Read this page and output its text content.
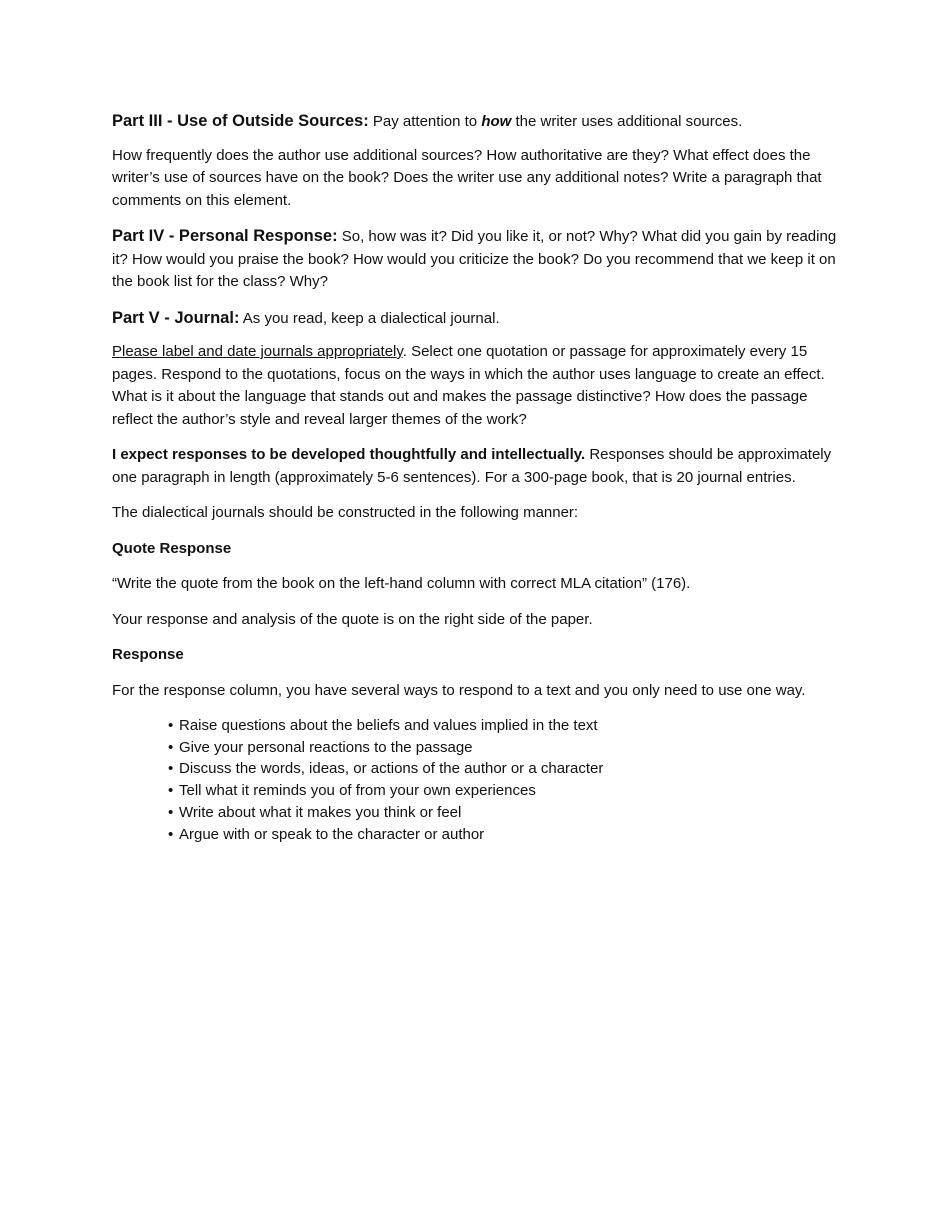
Part III - Use of Outside Sources: Pay attention to how the writer uses additional sources.

How frequently does the author use additional sources? How authoritative are they? What effect does the writer’s use of sources have on the book? Does the writer use any additional notes? Write a paragraph that comments on this element.

Part IV - Personal Response: So, how was it? Did you like it, or not? Why? What did you gain by reading it? How would you praise the book? How would you criticize the book? Do you recommend that we keep it on the book list for the class? Why?

Part V - Journal: As you read, keep a dialectical journal.

Please label and date journals appropriately. Select one quotation or passage for approximately every 15 pages. Respond to the quotations, focus on the ways in which the author uses language to create an effect. What is it about the language that stands out and makes the passage distinctive? How does the passage reflect the author’s style and reveal larger themes of the work?

I expect responses to be developed thoughtfully and intellectually. Responses should be approximately one paragraph in length (approximately 5-6 sentences). For a 300-page book, that is 20 journal entries.

The dialectical journals should be constructed in the following manner:

Quote Response

“Write the quote from the book on the left-hand column with correct MLA citation” (176).

Your response and analysis of the quote is on the right side of the paper.

Response

For the response column, you have several ways to respond to a text and you only need to use one way.

• Raise questions about the beliefs and values implied in the text
• Give your personal reactions to the passage
• Discuss the words, ideas, or actions of the author or a character
• Tell what it reminds you of from your own experiences
• Write about what it makes you think or feel
• Argue with or speak to the character or author
